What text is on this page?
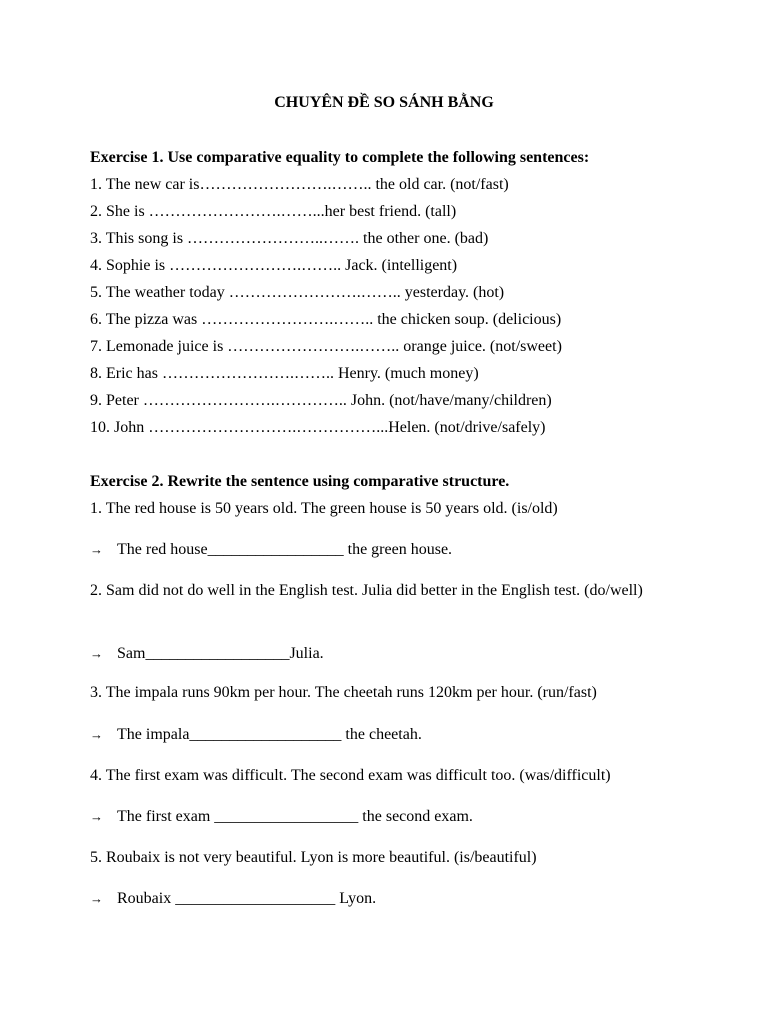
CHUYÊN ĐỀ SO SÁNH BẰNG
Exercise 1. Use comparative equality to complete the following sentences:
1. The new car is…………………….…….. the old car. (not/fast)
2. She is …………………….……...her best friend. (tall)
3. This song is ……………………..……. the other one. (bad)
4. Sophie is …………………….…….. Jack. (intelligent)
5. The weather today …………………….…….. yesterday. (hot)
6. The pizza was …………………….…….. the chicken soup. (delicious)
7. Lemonade juice is …………………….…….. orange juice. (not/sweet)
8. Eric has …………………….…….. Henry. (much money)
9. Peter …………………….………….. John. (not/have/many/children)
10. John ……………………….……………...Helen. (not/drive/safely)
Exercise 2. Rewrite the sentence using comparative structure.
1. The red house is 50 years old. The green house is 50 years old. (is/old)
→ The red house_________________ the green house.
2. Sam did not do well in the English test. Julia did better in the English test. (do/well)
→ Sam__________________Julia.
3. The impala runs 90km per hour. The cheetah runs 120km per hour. (run/fast)
→ The impala___________________ the cheetah.
4. The first exam was difficult. The second exam was difficult too. (was/difficult)
→ The first exam __________________ the second exam.
5. Roubaix is not very beautiful. Lyon is more beautiful. (is/beautiful)
→ Roubaix ____________________ Lyon.
